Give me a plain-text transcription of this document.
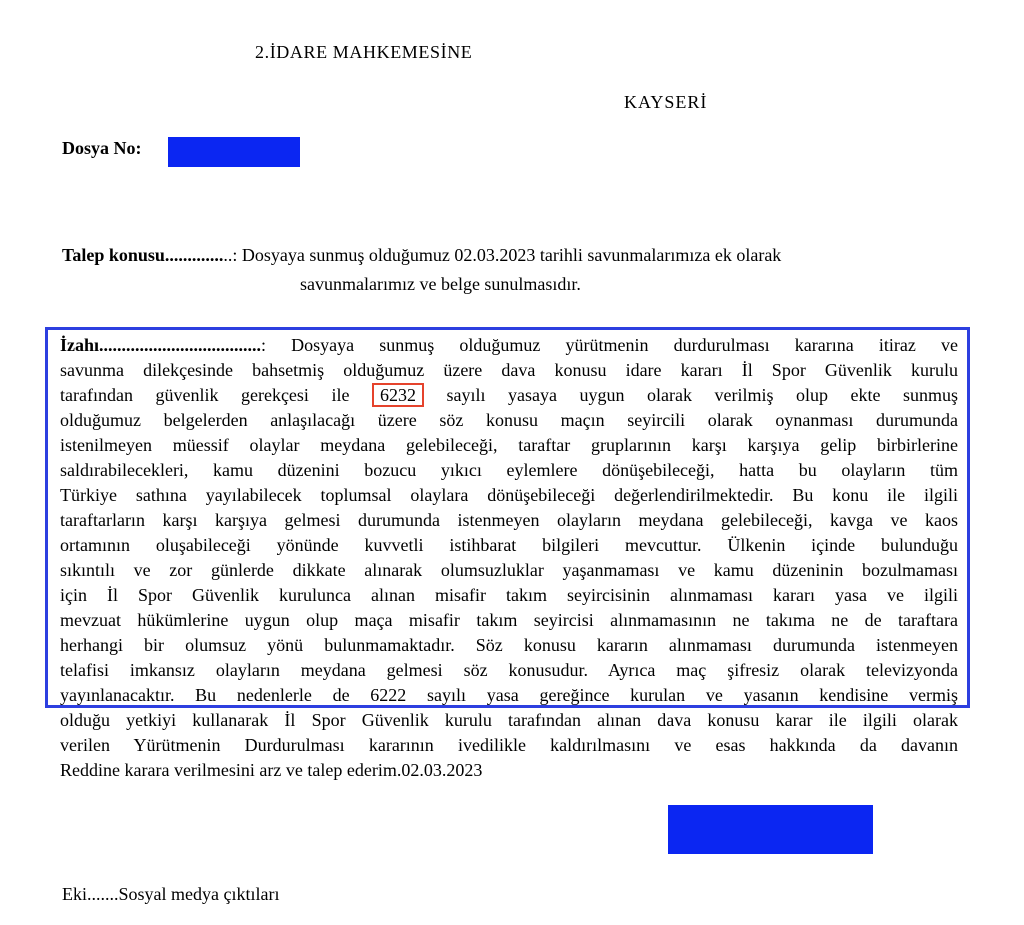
2.İDARE MAHKEMESİNE
KAYSERİ
Dosya No:
Talep konusu...............: Dosyaya sunmuş olduğumuz 02.03.2023 tarihli savunmalarımıza ek olarak
savunmalarımız ve belge sunulmasıdır.
İzahı....................................: Dosyaya sunmuş olduğumuz yürütmenin durdurulması kararına itiraz ve
savunma dilekçesinde bahsetmiş olduğumuz üzere dava konusu idare kararı İl Spor Güvenlik kurulu
tarafından güvenlik gerekçesi ile 6232 sayılı yasaya uygun olarak verilmiş olup ekte sunmuş
olduğumuz belgelerden anlaşılacağı üzere söz konusu maçın seyircili olarak oynanması durumunda
istenilmeyen müessif olaylar meydana gelebileceği, taraftar gruplarının karşı karşıya gelip birbirlerine
saldırabilecekleri, kamu düzenini bozucu yıkıcı eylemlere dönüşebileceği, hatta bu olayların tüm
Türkiye sathına yayılabilecek toplumsal olaylara dönüşebileceği değerlendirilmektedir. Bu konu ile ilgili
taraftarların karşı karşıya gelmesi durumunda istenmeyen olayların meydana gelebileceği, kavga ve kaos
ortamının oluşabileceği yönünde kuvvetli istihbarat bilgileri mevcuttur. Ülkenin içinde bulunduğu
sıkıntılı ve zor günlerde dikkate alınarak olumsuzluklar yaşanmaması ve kamu düzeninin bozulmaması
için İl Spor Güvenlik kurulunca alınan misafir takım seyircisinin alınmaması kararı yasa ve ilgili
mevzuat hükümlerine uygun olup maça misafir takım seyircisi alınmamasının ne takıma ne de taraftara
herhangi bir olumsuz yönü bulunmamaktadır. Söz konusu kararın alınmaması durumunda istenmeyen
telafisi imkansız olayların meydana gelmesi söz konusudur. Ayrıca maç şifresiz olarak televizyonda
yayınlanacaktır. Bu nedenlerle de 6222 sayılı yasa gereğince kurulan ve yasanın kendisine vermiş
olduğu yetkiyi kullanarak İl Spor Güvenlik kurulu tarafından alınan dava konusu karar ile ilgili olarak
verilen Yürütmenin Durdurulması kararının ivedilikle kaldırılmasını ve esas hakkında da davanın
Reddine karara verilmesini arz ve talep ederim.02.03.2023
Eki.......Sosyal medya çıktıları
